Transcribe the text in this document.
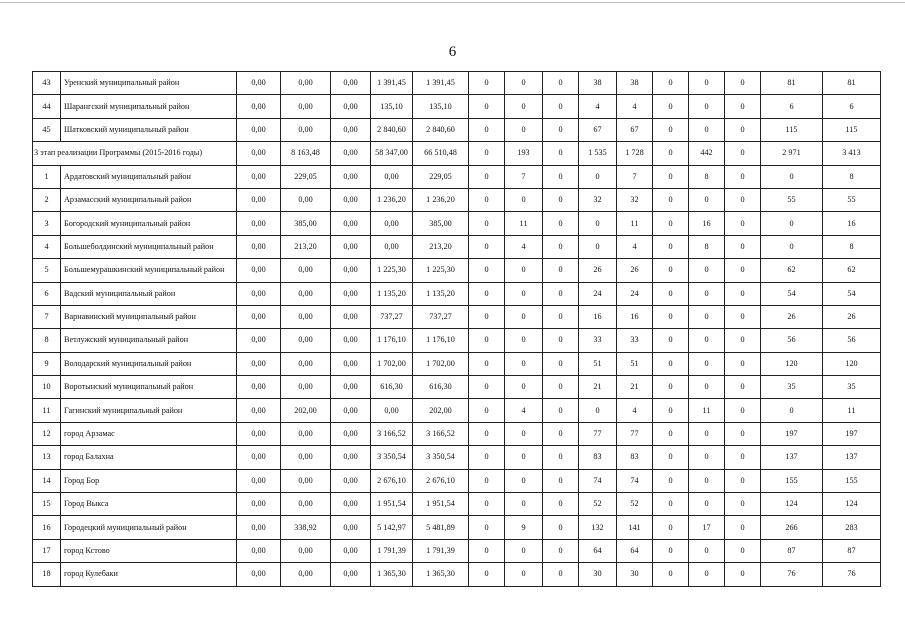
6
43	Уренский муниципальный район	0,00	0,00	0,00	1 391,45	1 391,45	0	0	0	38	38	0	0	0	81	81
44	Шарангский муниципальный район	0,00	0,00	0,00	135,10	135,10	0	0	0	4	4	0	0	0	6	6
45	Шатковский муниципальный район	0,00	0,00	0,00	2 840,60	2 840,60	0	0	0	67	67	0	0	0	115	115
3 этап реализации Программы (2015-2016 годы)		0,00	8 163,48	0,00	58 347,00	66 510,48	0	193	0	1 535	1 728	0	442	0	2 971	3 413
1	Ардатовский муниципальный район	0,00	229,05	0,00	0,00	229,05	0	7	0	0	7	0	8	0	0	8
2	Арзамасский муниципальный район	0,00	0,00	0,00	1 236,20	1 236,20	0	0	0	32	32	0	0	0	55	55
3	Богородский муниципальный район	0,00	385,00	0,00	0,00	385,00	0	11	0	0	11	0	16	0	0	16
4	Большеболдинский муниципальный район	0,00	213,20	0,00	0,00	213,20	0	4	0	0	4	0	8	0	0	8
5	Большемурашкинский муниципальный район	0,00	0,00	0,00	1 225,30	1 225,30	0	0	0	26	26	0	0	0	62	62
6	Вадский муниципальный район	0,00	0,00	0,00	1 135,20	1 135,20	0	0	0	24	24	0	0	0	54	54
7	Варнавинский муниципальный район	0,00	0,00	0,00	737,27	737,27	0	0	0	16	16	0	0	0	26	26
8	Ветлужский муниципальный район	0,00	0,00	0,00	1 176,10	1 176,10	0	0	0	33	33	0	0	0	56	56
9	Володарский муниципальный район	0,00	0,00	0,00	1 702,00	1 702,00	0	0	0	51	51	0	0	0	120	120
10	Воротынский муниципальный район	0,00	0,00	0,00	616,30	616,30	0	0	0	21	21	0	0	0	35	35
11	Гагинский муниципальный район	0,00	202,00	0,00	0,00	202,00	0	4	0	0	4	0	11	0	0	11
12	город Арзамас	0,00	0,00	0,00	3 166,52	3 166,52	0	0	0	77	77	0	0	0	197	197
13	город Балахна	0,00	0,00	0,00	3 350,54	3 350,54	0	0	0	83	83	0	0	0	137	137
14	Город Бор	0,00	0,00	0,00	2 676,10	2 676,10	0	0	0	74	74	0	0	0	155	155
15	Город Выкса	0,00	0,00	0,00	1 951,54	1 951,54	0	0	0	52	52	0	0	0	124	124
16	Городецкий муниципальный район	0,00	338,92	0,00	5 142,97	5 481,89	0	9	0	132	141	0	17	0	266	283
17	город Кстово	0,00	0,00	0,00	1 791,39	1 791,39	0	0	0	64	64	0	0	0	87	87
18	город Кулебаки	0,00	0,00	0,00	1 365,30	1 365,30	0	0	0	30	30	0	0	0	76	76
